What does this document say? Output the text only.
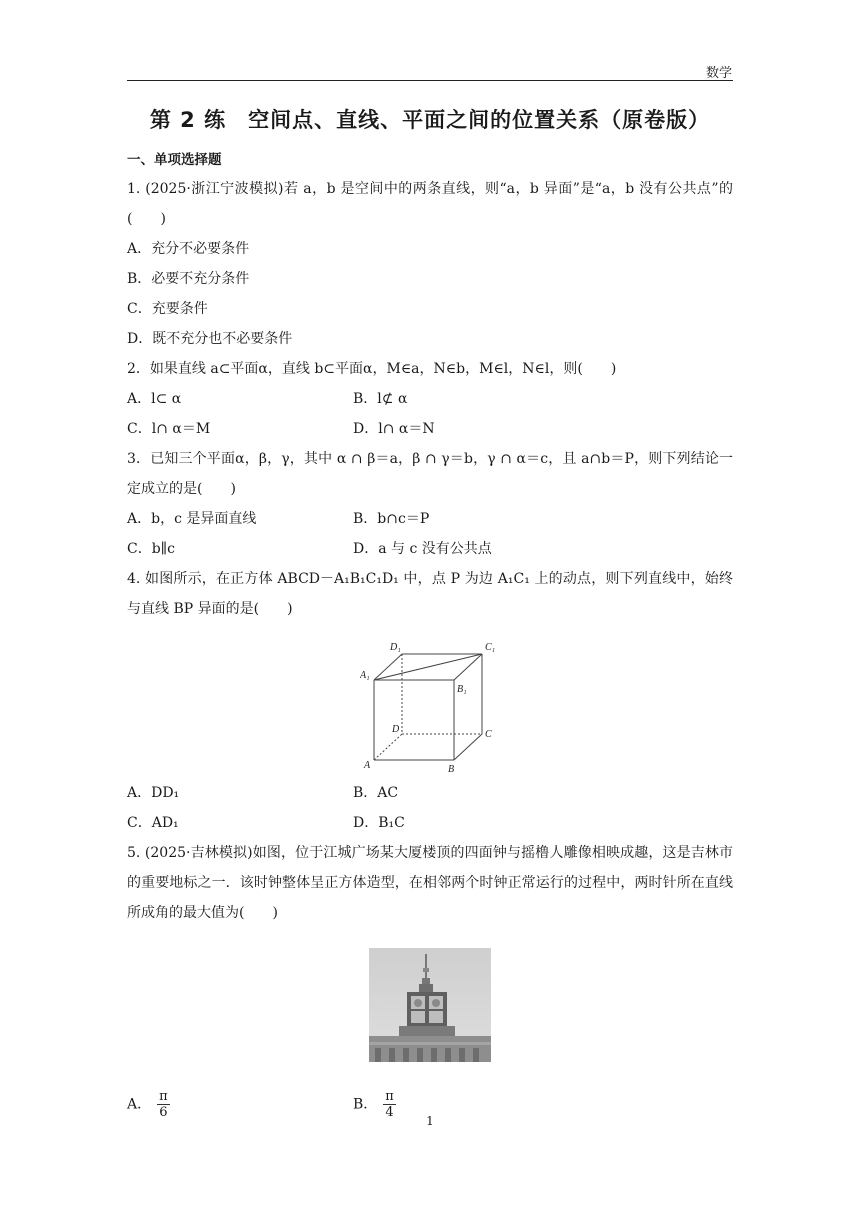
数学
第 2 练　空间点、直线、平面之间的位置关系（原卷版）
一、单项选择题
1. (2025·浙江宁波模拟)若 a，b 是空间中的两条直线，则“a，b 异面”是“a，b 没有公共点”的(　　)
A．充分不必要条件
B．必要不充分条件
C．充要条件
D．既不充分也不必要条件
2．如果直线 a⊂平面α，直线 b⊂平面α，M∈a，N∈b，M∈l，N∈l，则(　　)
A．l⊂ α	B．l⊄ α
C．l∩ α＝M	D．l∩ α＝N
3．已知三个平面α，β，γ，其中 α ∩ β＝a，β ∩ γ＝b，γ ∩ α＝c，且 a∩b＝P，则下列结论一定成立的是(　　)
A．b，c 是异面直线	B．b∩c＝P
C．b∥c	D．a 与 c 没有公共点
4. 如图所示，在正方体 ABCD－A₁B₁C₁D₁ 中，点 P 为边 A₁C₁ 上的动点，则下列直线中，始终与直线 BP 异面的是(　　)
D₁	C₁
A₁
B₁
D	C
A	B
A．DD₁	B．AC
C．AD₁	D．B₁C
5. (2025·吉林模拟)如图，位于江城广场某大厦楼顶的四面钟与摇橹人雕像相映成趣，这是吉林市的重要地标之一．该时钟整体呈正方体造型，在相邻两个时钟正常运行的过程中，两时针所在直线所成角的最大值为(　　)
A． $\frac{\pi}{6}$	B． $\frac{\pi}{4}$
1
